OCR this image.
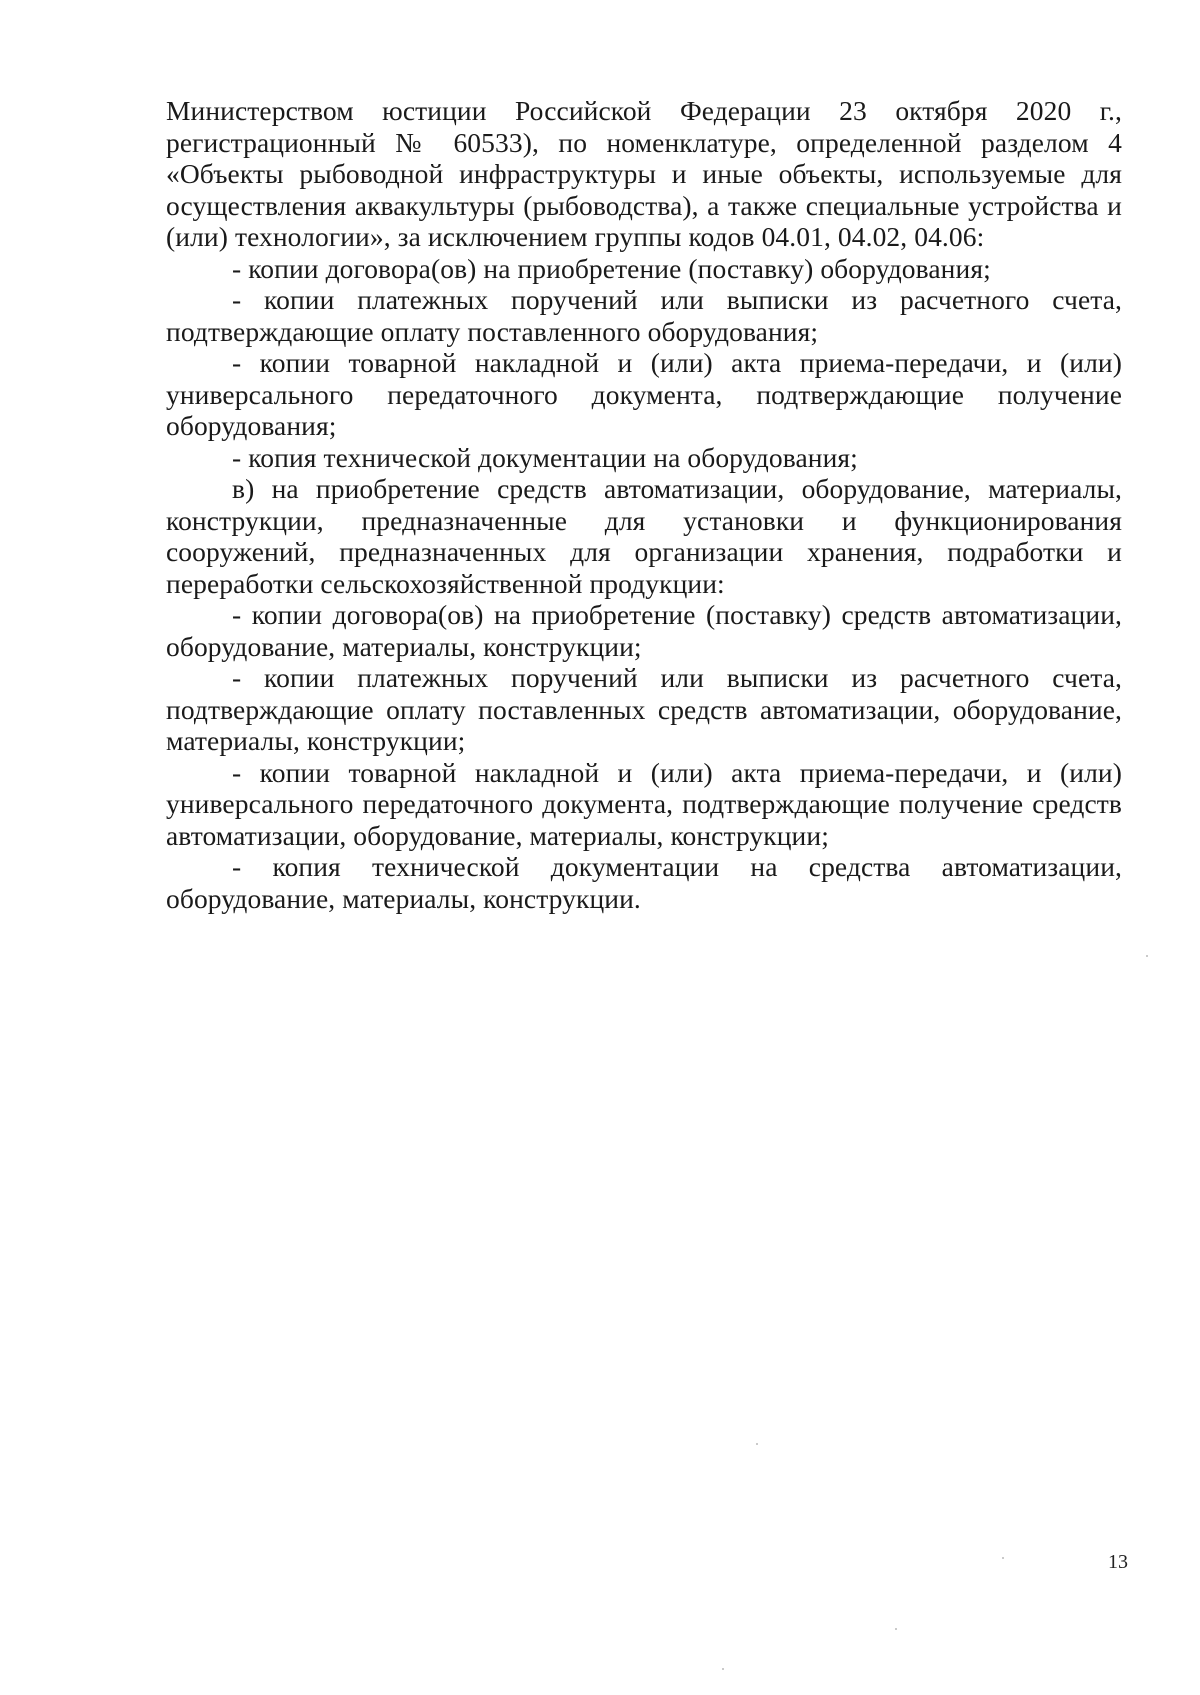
Министерством юстиции Российской Федерации 23 октября 2020 г., регистрационный № 60533), по номенклатуре, определенной разделом 4 «Объекты рыбоводной инфраструктуры и иные объекты, используемые для осуществления аквакультуры (рыбоводства), а также специальные устройства и (или) технологии», за исключением группы кодов 04.01, 04.02, 04.06:

- копии договора(ов) на приобретение (поставку) оборудования;

- копии платежных поручений или выписки из расчетного счета, подтверждающие оплату поставленного оборудования;

- копии товарной накладной и (или) акта приема-передачи, и (или) универсального передаточного документа, подтверждающие получение оборудования;

- копия технической документации на оборудования;

в) на приобретение средств автоматизации, оборудование, материалы, конструкции, предназначенные для установки и функционирования сооружений, предназначенных для организации хранения, подработки и переработки сельскохозяйственной продукции:

- копии договора(ов) на приобретение (поставку) средств автоматизации, оборудование, материалы, конструкции;

- копии платежных поручений или выписки из расчетного счета, подтверждающие оплату поставленных средств автоматизации, оборудование, материалы, конструкции;

- копии товарной накладной и (или) акта приема-передачи, и (или) универсального передаточного документа, подтверждающие получение средств автоматизации, оборудование, материалы, конструкции;

- копия технической документации на средства автоматизации, оборудование, материалы, конструкции.

13
